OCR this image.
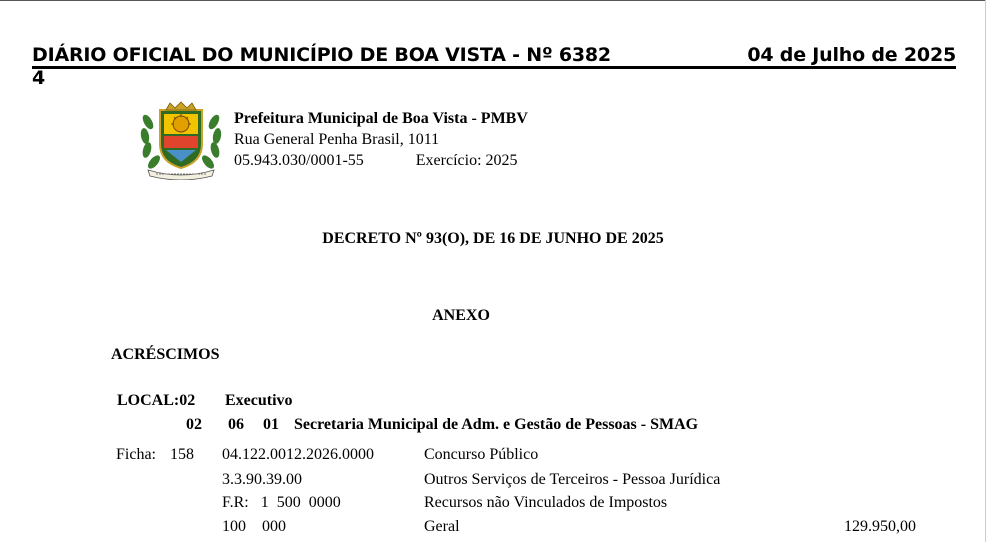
DIÁRIO OFICIAL DO MUNICÍPIO DE BOA VISTA - Nº 6382	04 de Julho de 2025
4
Prefeitura Municipal de Boa Vista - PMBV
Rua General Penha Brasil, 1011
05.943.030/0001-55	Exercício: 2025
DECRETO Nº 93(O), DE 16 DE JUNHO DE 2025
ANEXO
ACRÉSCIMOS
LOCAL:02 Executivo
02 06 01 Secretaria Municipal de Adm. e Gestão de Pessoas - SMAG
Ficha: 158 04.122.0012.2026.0000	Concurso Público
3.3.90.39.00	Outros Serviços de Terceiros - Pessoa Jurídica
F.R:   1  500  0000	Recursos não Vinculados de Impostos
100    000	Geral	129.950,00
